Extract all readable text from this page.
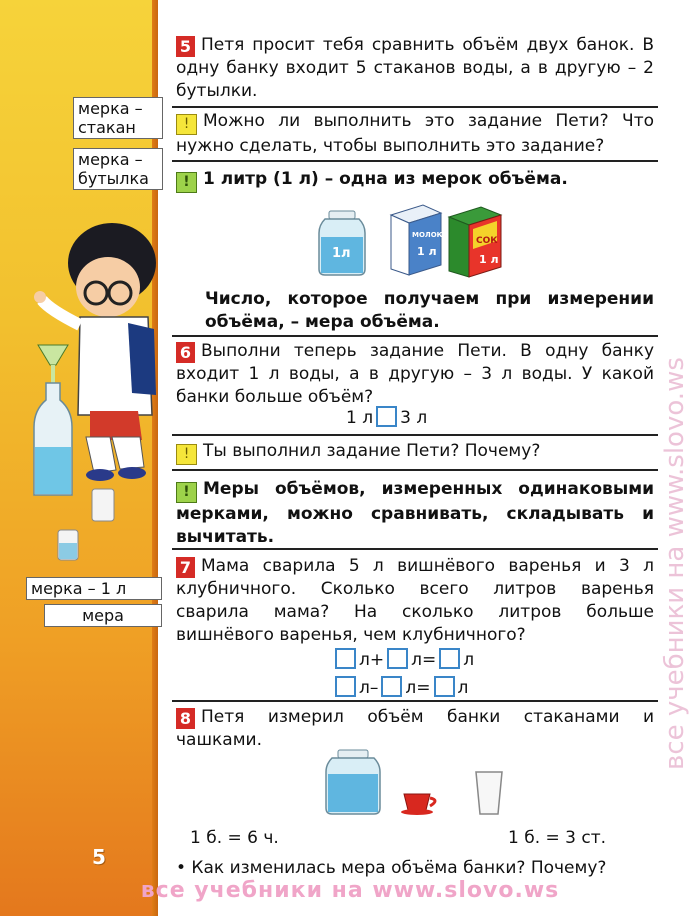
мерка – стакан
мерка – бутылка
мерка – 1 л
мера
5
5 Петя просит тебя сравнить объём двух банок. В одну банку входит 5 стаканов воды, а в другую – 2 бутылки.
! Можно ли выполнить это задание Пети? Что нужно сделать, чтобы выполнить это задание?
! 1 литр (1 л) – одна из мерок объёма.
1л
МОЛОКО
1 л
СОК
1 л
Число, которое получаем при измерении объёма, – мера объёма.
6 Выполни теперь задание Пети. В одну банку входит 1 л воды, а в другую – 3 л воды. У какой банки больше объём?
1 л 3 л
! Ты выполнил задание Пети? Почему?
! Меры объёмов, измеренных одинаковыми мерками, можно сравнивать, складывать и вычитать.
7 Мама сварила 5 л вишнёвого варенья и 3 л клубничного. Сколько всего литров варенья сварила мама? На сколько литров больше вишнёвого варенья, чем клубничного?
л+ л= л
л– л= л
8 Петя измерил объём банки стаканами и чашками.
1 б. = 6 ч.	1 б. = 3 ст.
• Как изменилась мера объёма банки? Почему?
все учебники на www.slovo.ws
все учебники на www.slovo.ws
